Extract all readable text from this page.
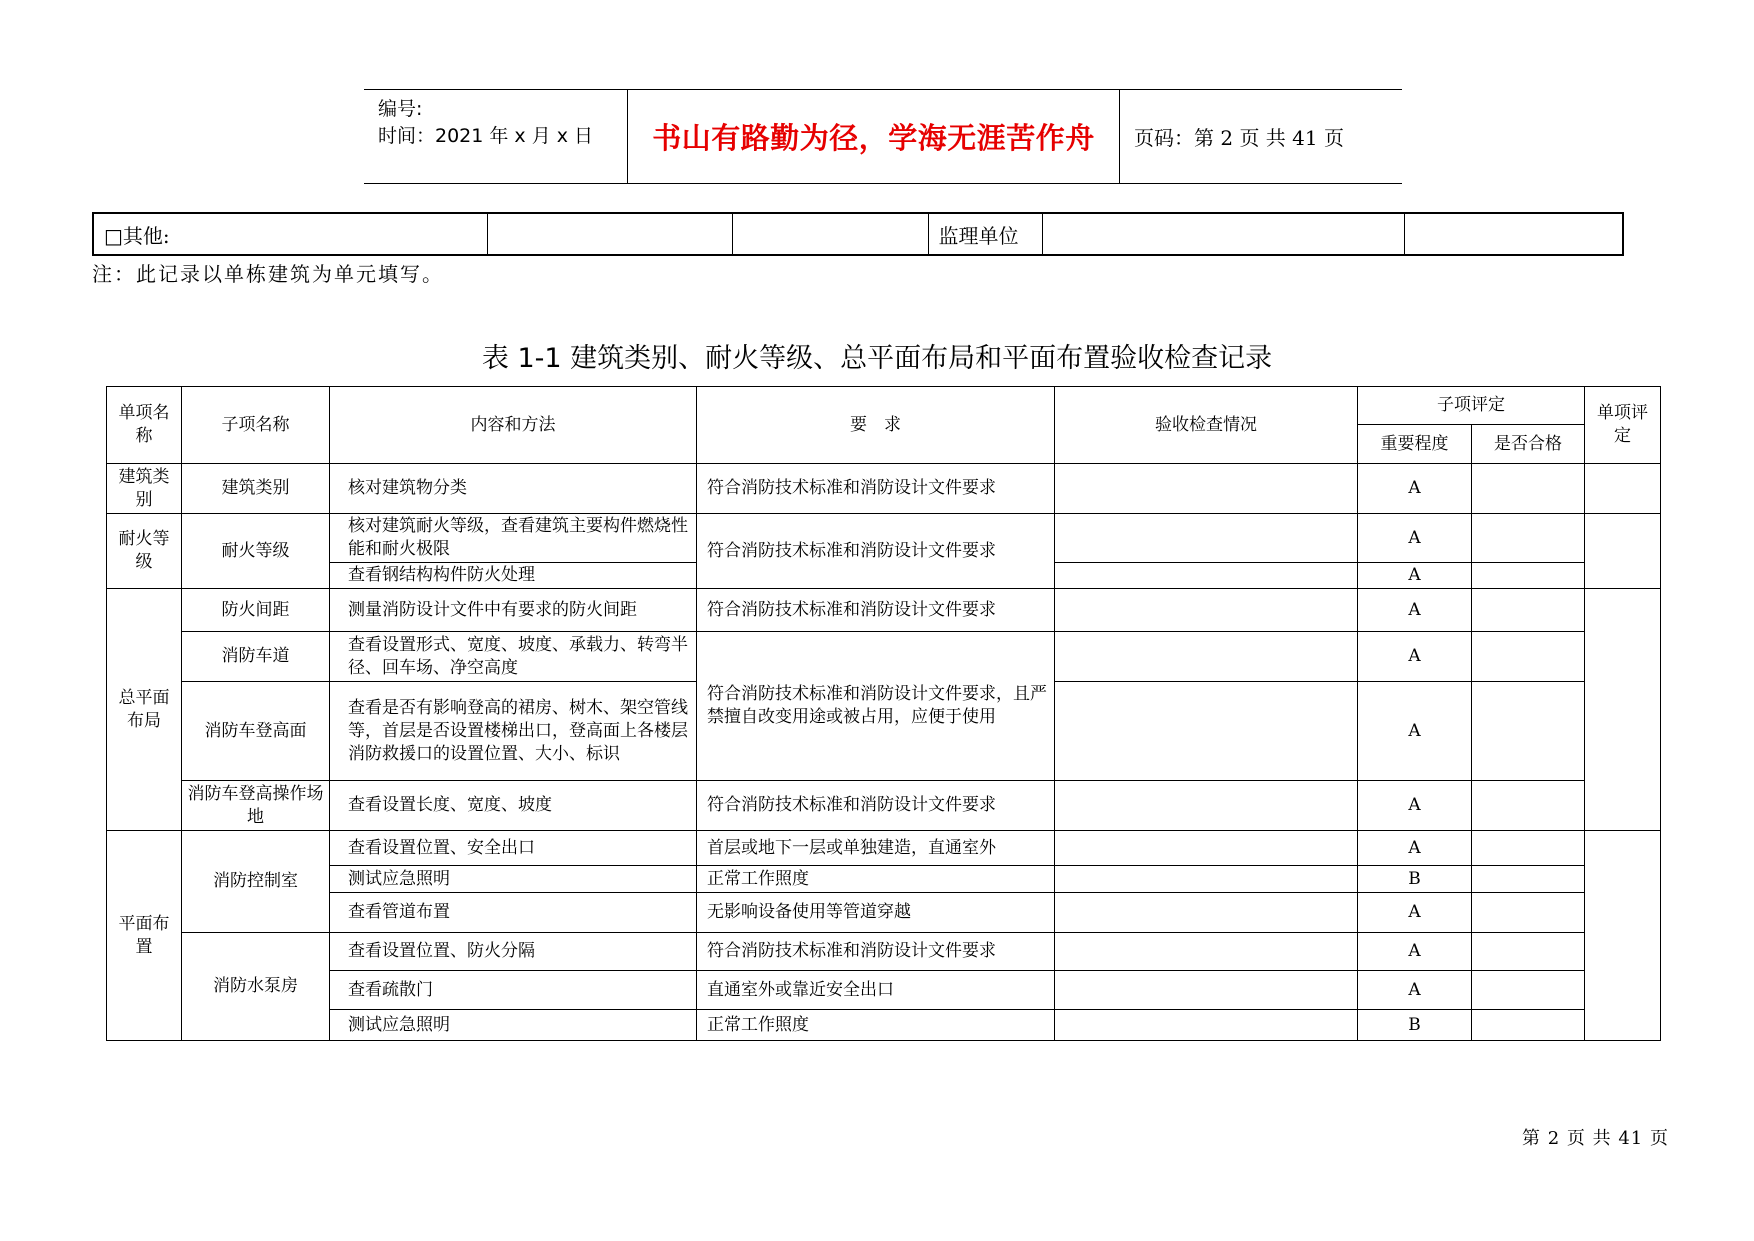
编号:
时间：2021 年 x 月 x 日	书山有路勤为径，学海无涯苦作舟	页码：第 2 页 共 41 页
□其他:			监理单位		
注：此记录以单栋建筑为单元填写。
表 1-1 建筑类别、耐火等级、总平面布局和平面布置验收检查记录
单项名称	子项名称	内容和方法	要　求	验收检查情况	子项评定		单项评定
					重要程度	是否合格	
建筑类别	建筑类别	核对建筑物分类	符合消防技术标准和消防设计文件要求		A		
耐火等级	耐火等级	核对建筑耐火等级，查看建筑主要构件燃烧性能和耐火极限	符合消防技术标准和消防设计文件要求		A		
		查看钢结构构件防火处理			A		
总平面布局	防火间距	测量消防设计文件中有要求的防火间距	符合消防技术标准和消防设计文件要求		A		
	消防车道	查看设置形式、宽度、坡度、承载力、转弯半径、回车场、净空高度	符合消防技术标准和消防设计文件要求，且严禁擅自改变用途或被占用，应便于使用		A		
	消防车登高面	查看是否有影响登高的裙房、树木、架空管线等，首层是否设置楼梯出口，登高面上各楼层消防救援口的设置位置、大小、标识			A		
	消防车登高操作场地	查看设置长度、宽度、坡度	符合消防技术标准和消防设计文件要求		A		
平面布置	消防控制室	查看设置位置、安全出口	首层或地下一层或单独建造，直通室外		A		
		测试应急照明	正常工作照度		B		
		查看管道布置	无影响设备使用等管道穿越		A		
	消防水泵房	查看设置位置、防火分隔	符合消防技术标准和消防设计文件要求		A		
		查看疏散门	直通室外或靠近安全出口		A		
		测试应急照明	正常工作照度		B		
第 2 页 共 41 页
